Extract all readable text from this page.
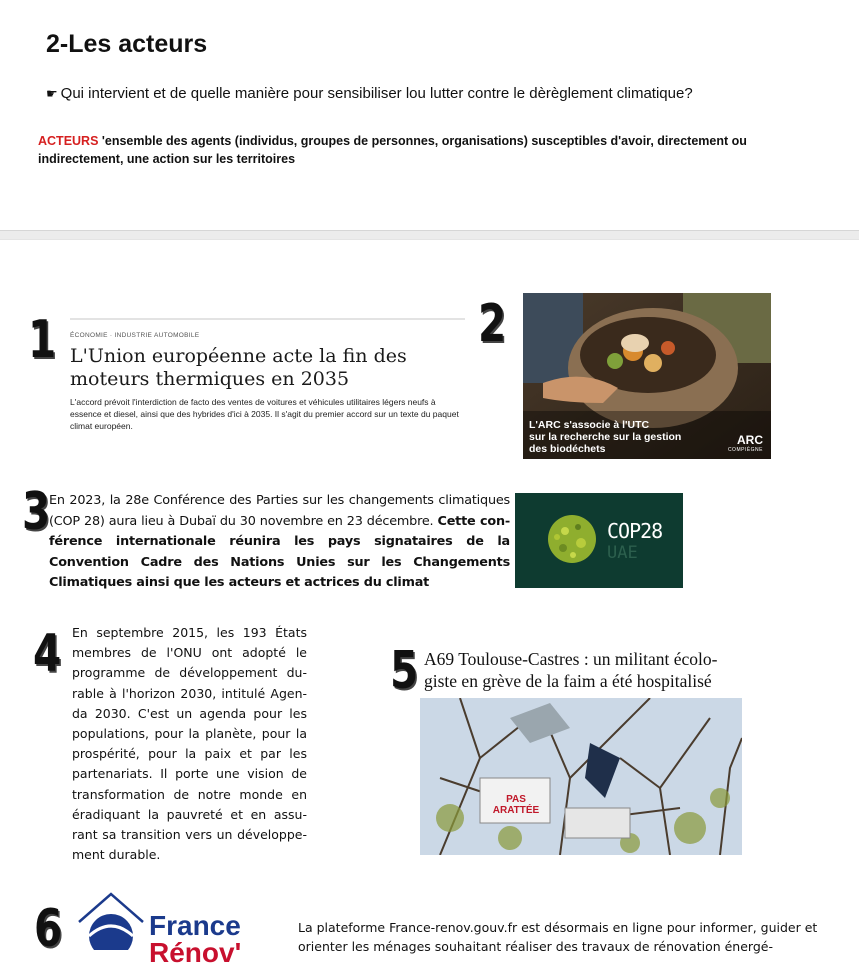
2-Les acteurs
☛ Qui intervient et de quelle manière pour sensibiliser lou lutter contre le dèrèglement climatique?
ACTEURS 'ensemble des agents (individus, groupes de personnes, organisations) susceptibles d'avoir, directement ou indirectement, une action sur les territoires
1 ÉCONOMIE · INDUSTRIE AUTOMOBILE
L'Union européenne acte la fin des moteurs thermiques en 2035
L'accord prévoit l'interdiction de facto des ventes de voitures et véhicules utilitaires légers neufs à essence et diesel, ainsi que des hybrides d'ici à 2035. Il s'agit du premier accord sur un texte du paquet climat européen.
2
L'ARC s'associe à l'UTC
sur la recherche sur la gestion
des biodéchets
ARC
COMPIÈGNE
3 En 2023, la 28e Conférence des Parties sur les changements climatiques (COP 28) aura lieu à Dubaï du 30 novembre en 23 décembre. Cette con-férence internationale réunira les pays signataires de la Convention Cadre des Nations Unies sur les Changements Climatiques ainsi que les acteurs et actrices du climat
COP28
UAE
4 En septembre 2015, les 193 États membres de l'ONU ont adopté le programme de développement du-rable à l'horizon 2030, intitulé Agen-da 2030. C'est un agenda pour les populations, pour la planète, pour la prospérité, pour la paix et par les partenariats. Il porte une vision de transformation de notre monde en éradiquant la pauvreté et en assu-rant sa transition vers un développe-ment durable.
5 A69 Toulouse-Castres : un militant écolo-giste en grève de la faim a été hospitalisé
PAS ARATTÉE
6	France
Rénov'
La plateforme France-renov.gouv.fr est désormais en ligne pour informer, guider et orienter les ménages souhaitant réaliser des travaux de rénovation énergé-
